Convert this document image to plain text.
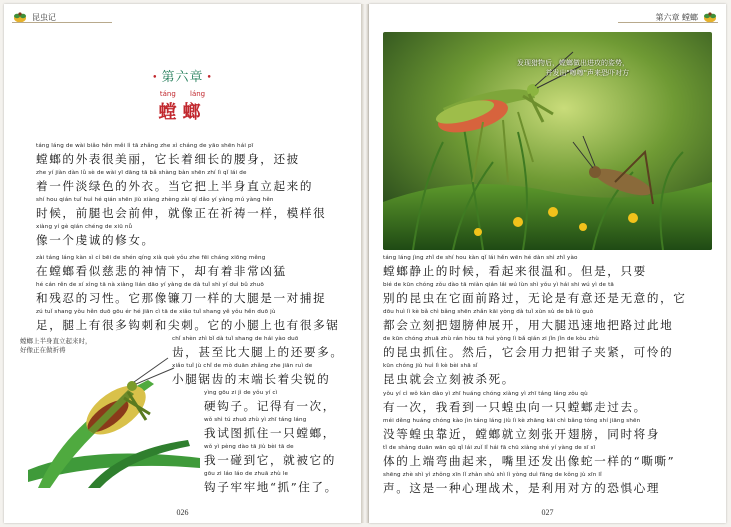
昆虫记
• 第六章 •
táng láng
螳螂
táng láng de wài biǎo hěn měi lì tā zhǎng zhe xì cháng de yāo shēn hái pī
螳螂的外表很美丽，它长着细长的腰身，还披
zhe yí jiàn dàn lǜ sè de wài yī dāng tā bǎ shàng bàn shēn zhí lì qǐ lái de
着一件淡绿色的外衣。当它把上半身直立起来的
shí hou qián tuǐ huì hé qián shēn jiù xiàng zhèng zài qí dǎo yí yàng mú yàng hěn
时候，前腿也会前伸，就像正在祈祷一样，模样很
xiàng yí gè qián chéng de xiū nǚ
像一个虔诚的修女。
zài táng láng kàn sì cí bēi de shén qíng xià què yǒu zhe fēi cháng xiōng měng
在螳螂看似慈悲的神情下，却有着非常凶猛
hé cán rěn de xí xìng tā nà xiàng lián dāo yí yàng de dà tuǐ shì yí duì bǔ zhuō
和残忍的习性。它那像镰刀一样的大腿是一对捕捉
zú tuǐ shang yǒu hěn duō gōu ér hé jiān cì tā de xiǎo tuǐ shang yě yǒu hěn duō jù
足，腿上有很多钩刺和尖刺。它的小腿上也有很多锯
chǐ shèn zhì bǐ dà tuǐ shang de hái yào duō
齿，甚至比大腿上的还要多。
xiǎo tuǐ jù chǐ de mò duān zhǎng zhe jiān ruì de
小腿锯齿的末端长着尖锐的
yìng gōu zi jì de yǒu yí cì
硬钩子。记得有一次，
wǒ shì tú zhuō zhù yì zhī táng láng
我试图抓住一只螳螂，
wǒ yì pèng dào tā jiù bèi tā de
我一碰到它，就被它的
gōu zi láo láo de zhuā zhù le
钩子牢牢地“抓”住了。
螳螂上半身直立起来时，
好像正在做祈祷
026
第六章 螳螂
发现猎物后，螳螂做出进攻的姿势，
并发出"嚓嚓"声来恐吓对方
táng láng jìng zhǐ de shí hou kàn qǐ lái hěn wēn hé dàn shì zhǐ yào
螳螂静止的时候，看起来很温和。但是，只要
bié de kūn chóng zǒu dào tā miàn qián lái wú lùn shì yǒu yì hái shi wú yì de tā
别的昆虫在它面前路过，无论是有意还是无意的，它
dōu huì lì kè bǎ chì bǎng shēn zhǎn kāi yòng dà tuǐ xùn sù de bǎ lù guò
都会立刻把翅膀伸展开，用大腿迅速地把路过此地
de kūn chóng zhuā zhù rán hòu tā huì yòng lì bǎ qián zi jǐn jǐn de kòu zhù
的昆虫抓住。然后，它会用力把钳子夹紧，可怜的
kūn chóng jiù huì lì kè bèi shā sǐ
昆虫就会立刻被杀死。
yǒu yí cì wǒ kàn dào yì zhī huáng chóng xiàng yì zhī táng láng zǒu qù
有一次，我看到一只蝗虫向一只螳螂走过去。
méi děng huáng chóng kào jìn táng láng jiù lì kè zhāng kāi chì bǎng tóng shí jiāng shēn
没等蝗虫靠近，螳螂就立刻张开翅膀，同时将身
tǐ de shàng duān wān qū qǐ lái zuǐ lǐ hái fā chū xiàng shé yí yàng de sī sī
体的上端弯曲起来，嘴里还发出像蛇一样的“嘶嘶”
shēng zhè shì yì zhǒng xīn lǐ zhàn shù shì lì yòng duì fāng de kǒng jù xīn lǐ
声。这是一种心理战术，是利用对方的恐惧心理
027
